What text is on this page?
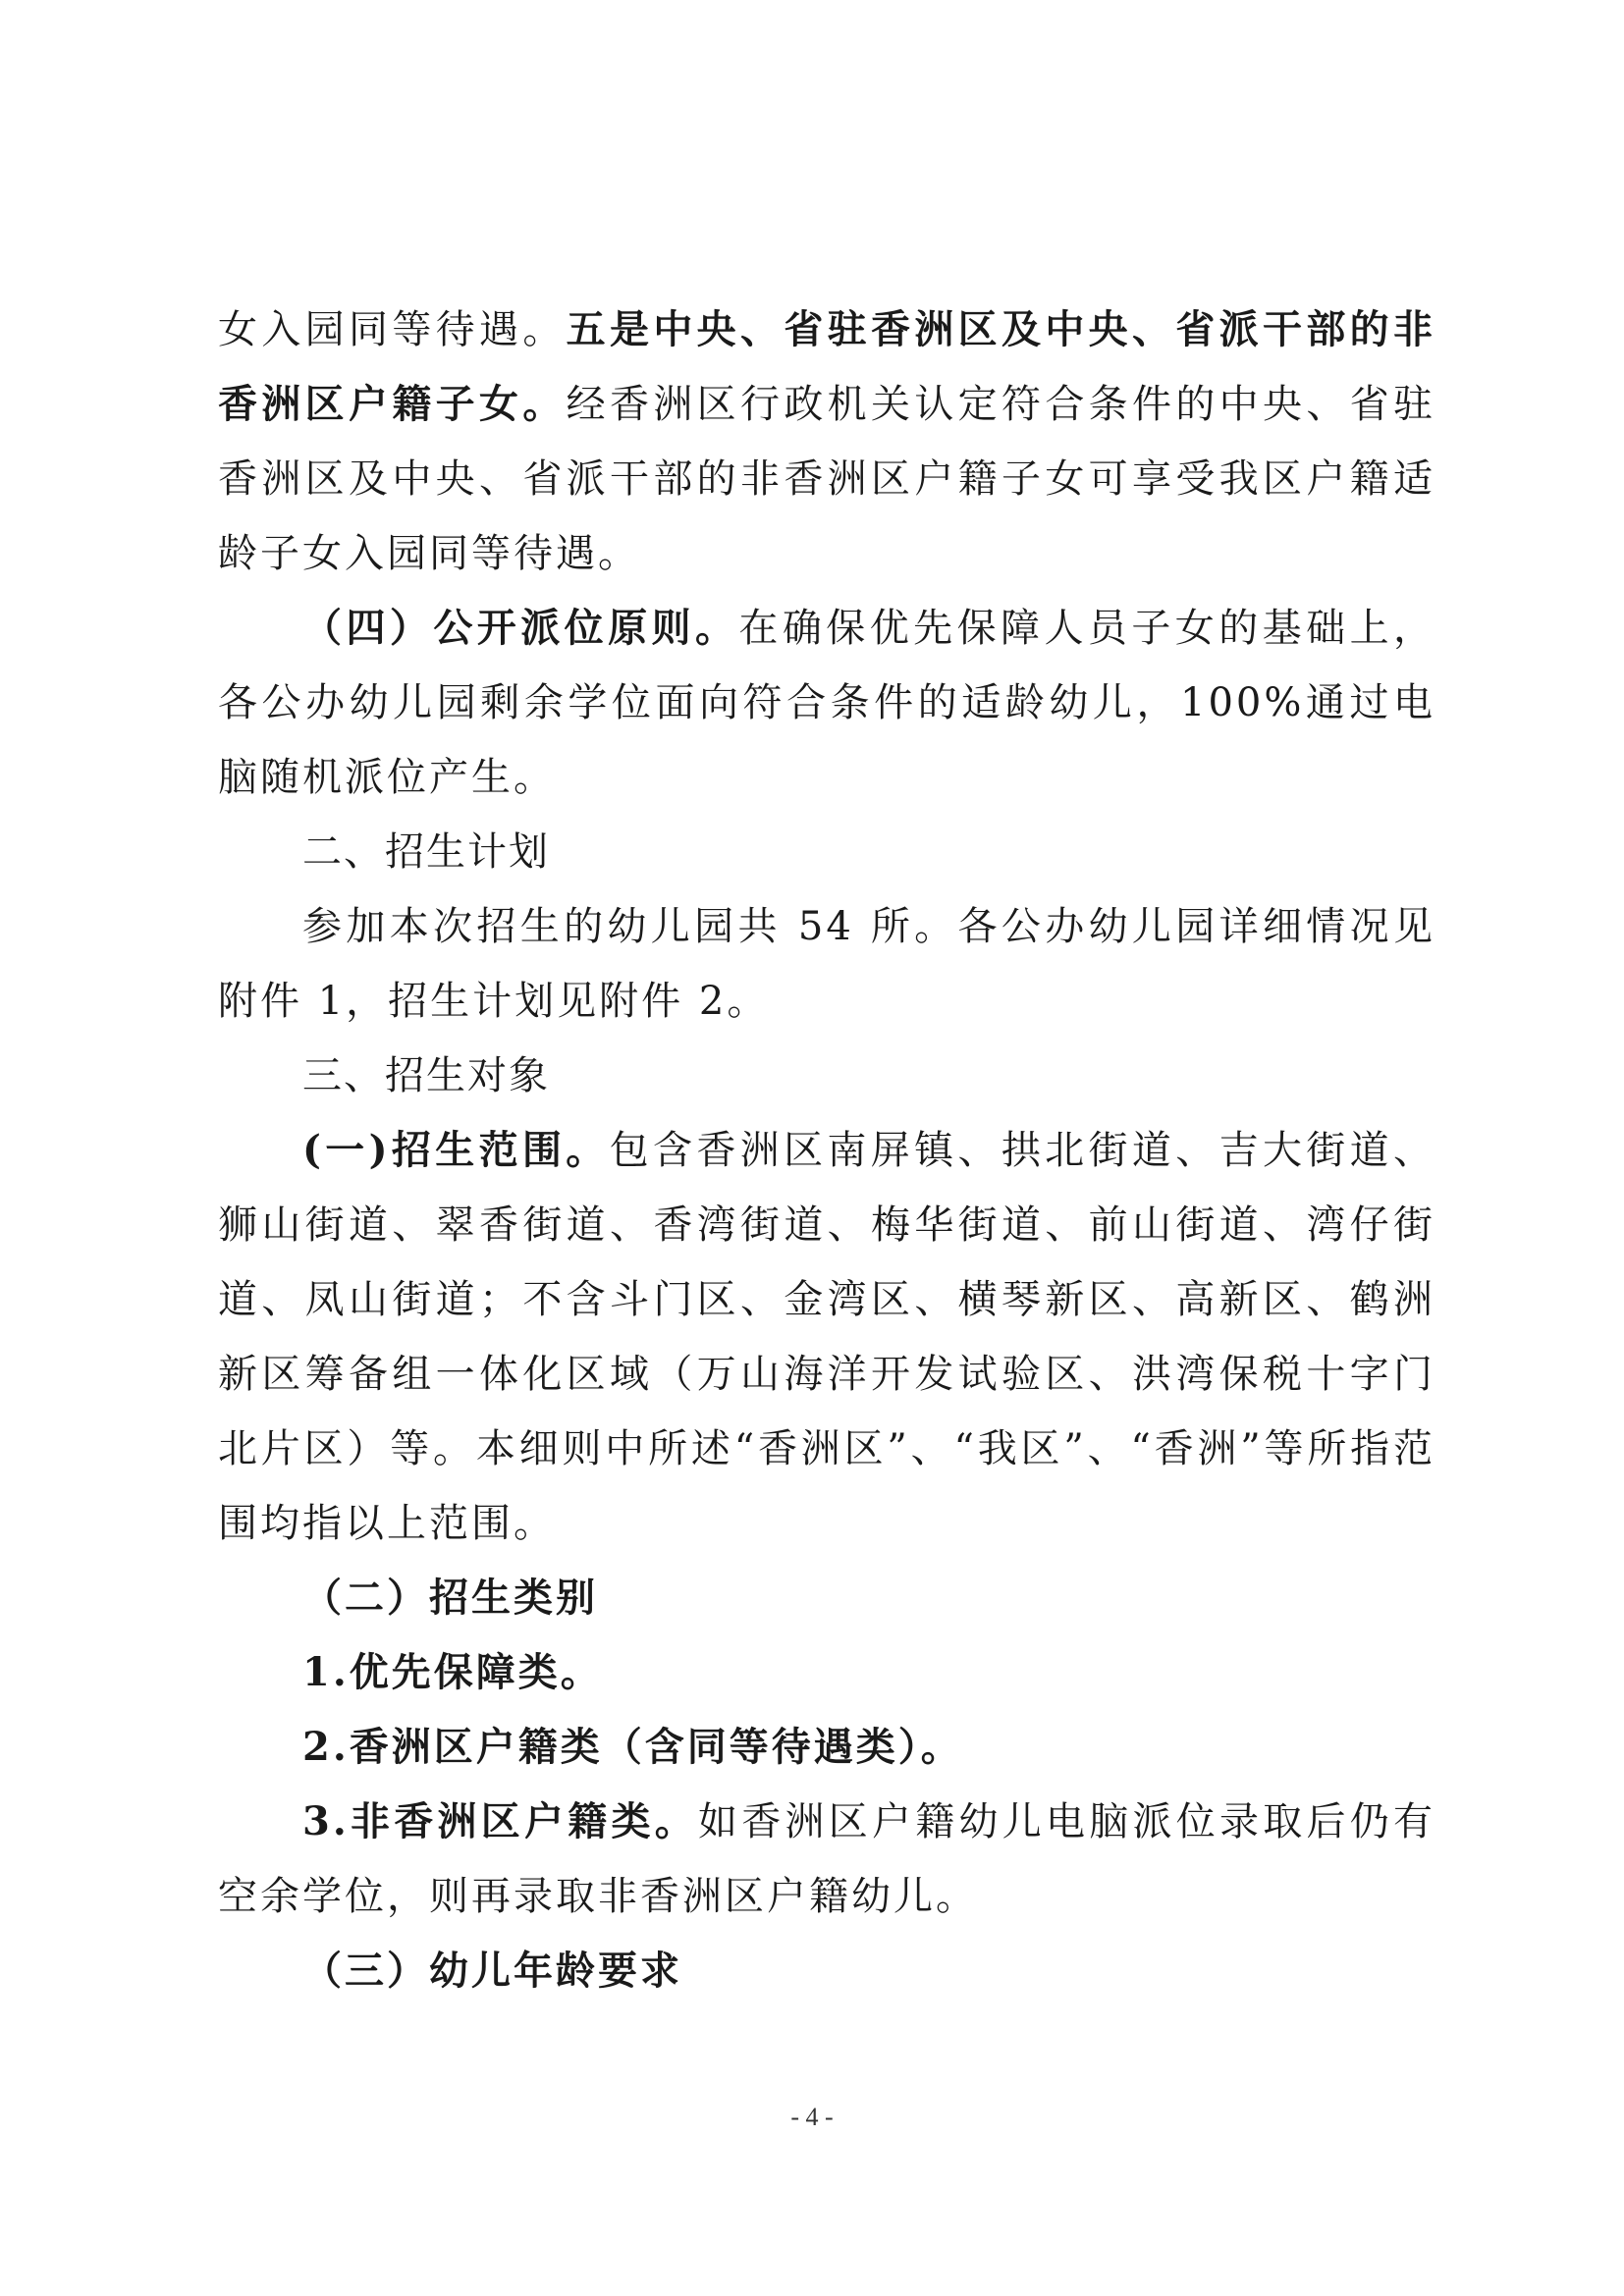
女入园同等待遇。五是中央、省驻香洲区及中央、省派干部的非香洲区户籍子女。经香洲区行政机关认定符合条件的中央、省驻香洲区及中央、省派干部的非香洲区户籍子女可享受我区户籍适龄子女入园同等待遇。

（四）公开派位原则。在确保优先保障人员子女的基础上，各公办幼儿园剩余学位面向符合条件的适龄幼儿，100%通过电脑随机派位产生。

二、招生计划

参加本次招生的幼儿园共 54 所。各公办幼儿园详细情况见附件 1，招生计划见附件 2。

三、招生对象

(一)招生范围。包含香洲区南屏镇、拱北街道、吉大街道、狮山街道、翠香街道、香湾街道、梅华街道、前山街道、湾仔街道、凤山街道；不含斗门区、金湾区、横琴新区、高新区、鹤洲新区筹备组一体化区域（万山海洋开发试验区、洪湾保税十字门北片区）等。本细则中所述“香洲区”、“我区”、“香洲”等所指范围均指以上范围。

（二）招生类别

1.优先保障类。

2.香洲区户籍类（含同等待遇类）。

3.非香洲区户籍类。如香洲区户籍幼儿电脑派位录取后仍有空余学位，则再录取非香洲区户籍幼儿。

（三）幼儿年龄要求

- 4 -
